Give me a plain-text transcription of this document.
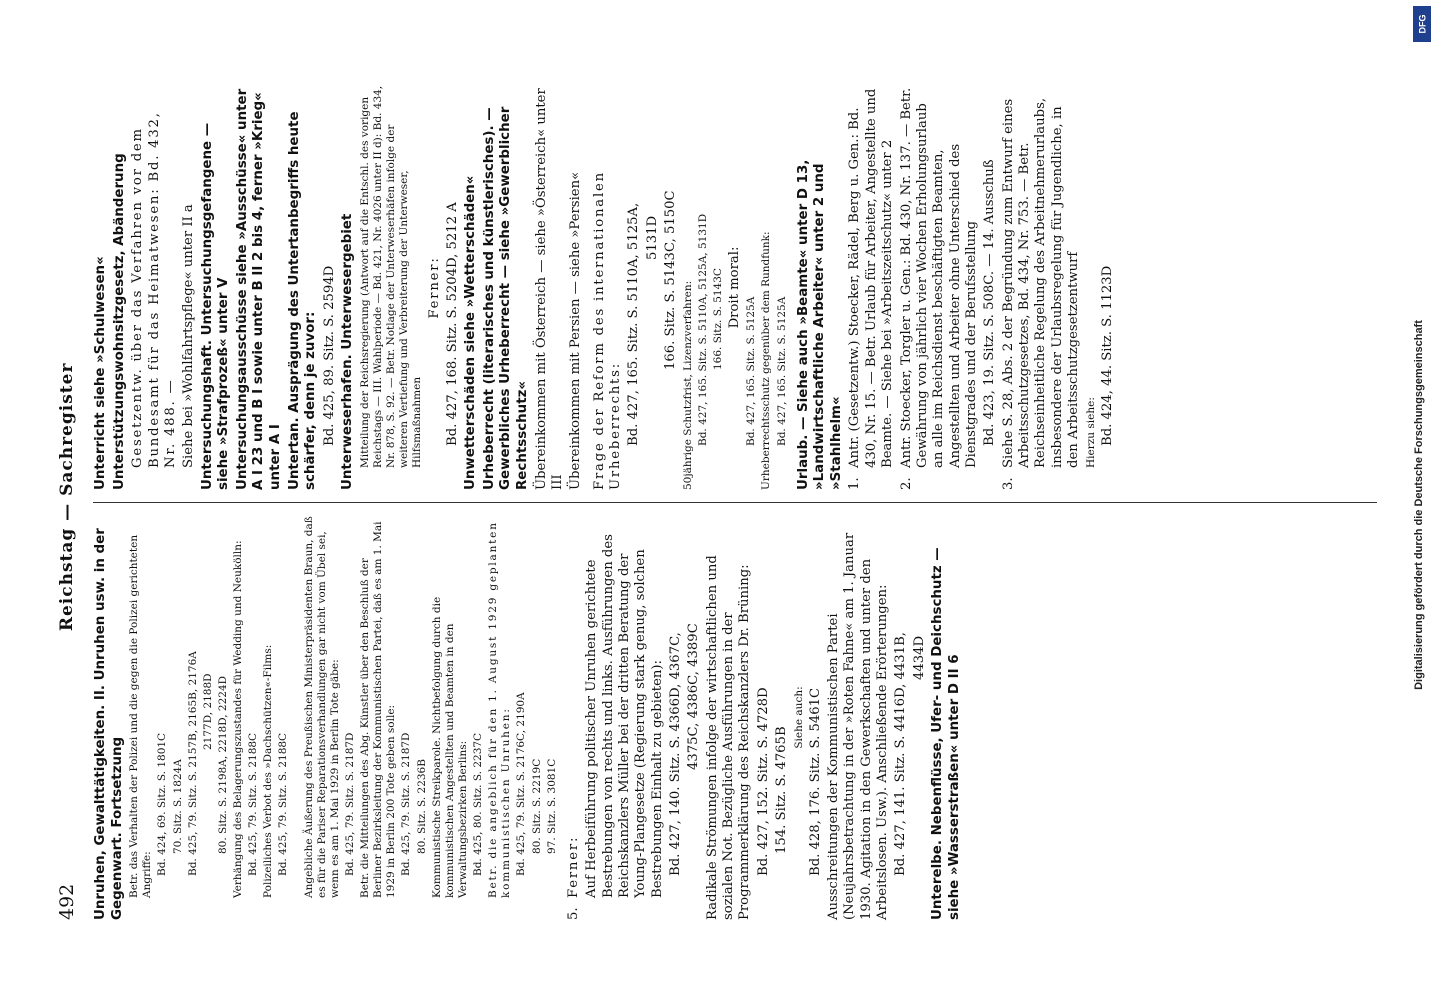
492
Reichstag — Sachregister

Unruhen, Gewalttätigkeiten. II. Unruhen usw. in der Gegenwart. Fortsetzung Betr. das Verhalten der Polizei und die gegen die Polizei gerichteten Angriffe: Bd. 424, 69. Sitz. S. 1801C 70. Sitz. S. 1824A Bd. 425, 79. Sitz. S. 2157B, 2165B, 2176A 2177D, 2188D 80. Sitz. S. 2198A, 2218D, 2224D Verhängung des Belagerungszustandes für Wedding und Neukölln: Bd. 425, 79. Sitz. S. 2188C Polizeiliches Verbot des »Dachschützen«-Films: Bd. 425, 79. Sitz. S. 2188C Angebliche Äußerung des Preußischen Ministerpräsidenten Braun, daß es für die Pariser Reparationsverhandlungen gar nicht vom Übel sei, wenn es am 1. Mai 1929 in Berlin Tote gäbe: Bd. 425, 79. Sitz. S. 2187D Betr. die Mitteilungen des Abg. Künstler über den Beschluß der Berliner Bezirksleitung der Kommunistischen Partei, daß es am 1. Mai 1929 in Berlin 200 Tote geben solle: Bd. 425, 79. Sitz. S. 2187D 80. Sitz. S. 2236B Kommunistische Streikparole. Nichtbefolgung durch die kommunistischen Angestellten und Beamten in den Verwaltungsbezirken Berlins: Bd. 425, 80. Sitz. S. 2237C Betr. die angeblich für den 1. August 1929 geplanten kommunistischen Unruhen: Bd. 425, 79. Sitz. S. 2176C, 2190A 80. Sitz. S. 2219C 97. Sitz. S. 3081C

5.
Ferner: Auf Herbeiführung politischer Unruhen gerichtete Bestrebungen von rechts und links. Ausführungen des Reichskanzlers Müller bei der dritten Beratung der Young-Plangesetze (Regierung stark genug, solchen Bestrebungen Einhalt zu gebieten): Bd. 427, 140. Sitz. S. 4366D, 4367C, 4375C, 4386C, 4389C Radikale Strömungen infolge der wirtschaftlichen und sozialen Not. Bezügliche Ausführungen in der Programmerklärung des Reichskanzlers Dr. Brüning: Bd. 427, 152. Sitz. S. 4728D 154. Sitz. S. 4765B

Siehe auch: Bd. 428, 176. Sitz. S. 5461C Ausschreitungen der Kommunistischen Partei (Neujahrsbetrachtung in der »Roten Fahne« am 1. Januar 1930. Agitation in den Gewerkschaften und unter den Arbeitslosen. Usw.). Anschließende Erörterungen: Bd. 427, 141. Sitz. S. 4416D, 4431B, 4434D Unterelbe. Nebenflüsse, Ufer- und Deichschutz — siehe »Wasserstraßen« unter D II 6

Unterricht siehe »Schulwesen« Unterstützungswohnsitzgesetz, Abänderung Gesetzentw. über das Verfahren vor dem Bundesamt für das Heimatwesen: Bd. 432, Nr. 488. — Siehe bei »Wohlfahrtspflege« unter II a Untersuchungshaft. Untersuchungsgefangene — siehe »Strafprozeß« unter V Untersuchungsausschüsse siehe »Ausschüsse« unter A I 23 und B I sowie unter B II 2 bis 4, ferner »Krieg« unter A I Untertan. Ausprägung des Untertanbegriffs heute schärfer, denn je zuvor: Bd. 425, 89. Sitz. S. 2594D Unterweserhafen. Unterwesergebiet Mitteilung der Reichsregierung (Antwort auf die Entschl. des vorigen Reichstags — III. Wahlperiode — Bd. 421, Nr. 4026 unter II d): Bd. 434, Nr. 878, S. 92. — Betr. Notlage der Unterweserhäfen infolge der weiteren Vertiefung und Verbreiterung der Unterweser, Hilfsmaßnahmen

Ferner: Bd. 427, 168. Sitz. S. 5204D, 5212 A Unwetterschäden siehe »Wetterschäden« Urheberrecht (literarisches und künstlerisches). — Gewerbliches Urheberrecht — siehe »Gewerblicher Rechtsschutz« Übereinkommen mit Österreich — siehe »Österreich« unter III Übereinkommen mit Persien — siehe »Persien« Frage der Reform des internationalen Urheberrechts: Bd. 427, 165. Sitz. S. 5110A, 5125A, 5131D 166. Sitz. S. 5143C, 5150C

50jährige Schutzfrist, Lizenzverfahren: Bd. 427, 165. Sitz. S. 5110A, 5125A, 5131D 166. Sitz. S. 5143C Droit moral:

Bd. 427, 165. Sitz. S. 5125A Urheberrechtsschutz gegenüber dem Rundfunk: Bd. 427, 165. Sitz. S. 5125A Urlaub. — Siehe auch »Beamte« unter D 13, »Landwirtschaftliche Arbeiter« unter 2 und »Stahlhelm« 1.
Antr. (Gesetzentw.) Stoecker, Rädel, Berg u. Gen.: Bd. 430, Nr. 15. — Betr. Urlaub für Arbeiter, Angestellte und Beamte. — Siehe bei »Arbeitszeitschutz« unter 2
2.
Antr. Stoecker, Torgler u. Gen.: Bd. 430, Nr. 137. — Betr. Gewährung von jährlich vier Wochen Erholungsurlaub an alle im Reichsdienst beschäftigten Beamten, Angestellten und Arbeiter ohne Unterschied des Dienstgrades und der Berufsstellung Bd. 423, 19. Sitz. S. 508C. — 14. Ausschuß

3.
Siehe S. 28, Abs. 2 der Begründung zum Entwurf eines Arbeitsschutzgesetzes, Bd. 434, Nr. 753. — Betr. Reichseinheitliche Regelung des Arbeitnehmerurlaubs, insbesondere der Urlaubsregelung für Jugendliche, in den Arbeitsschutzgesetzentwurf Hierzu siehe: Bd. 424, 44. Sitz. S. 1123D

DFG
Digitalisierung gefördert durch die Deutsche Forschungsgemeinschaft
